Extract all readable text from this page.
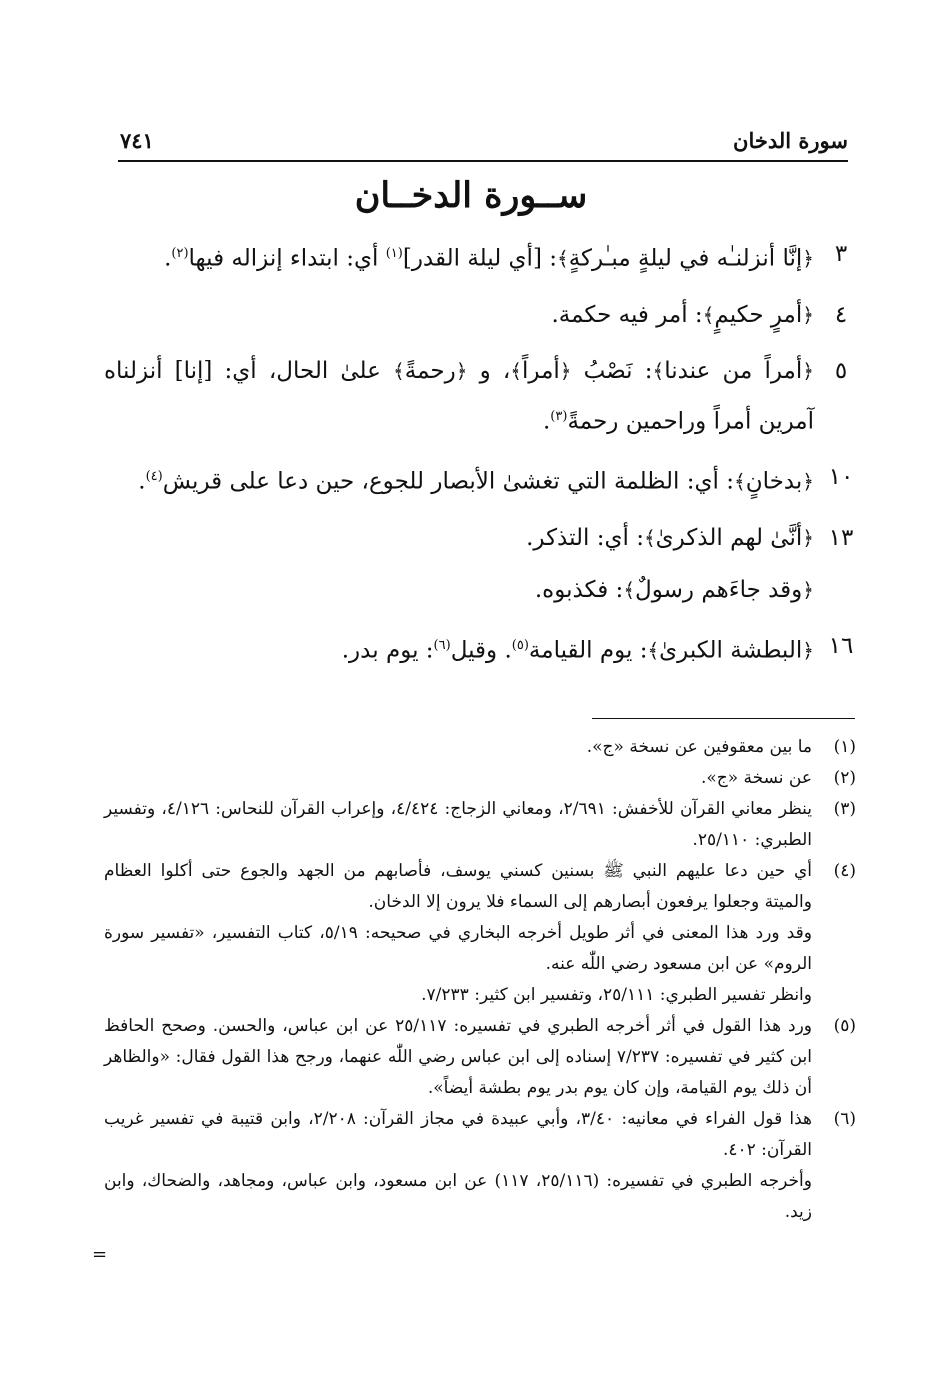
سورة الدخان
٧٤١
ســورة الدخــان
٣
﴿إنَّا أنزلنـٰه في ليلةٍ مبـٰركةٍ﴾: [أي ليلة القدر]$^{(١)}$ أي: ابتداء إنزاله فيها$^{(٢)}$.
٤
﴿أمرٍ حكيمٍ﴾: أمر فيه حكمة.
٥
﴿أمراً من عندنا﴾: نَصْبُ ﴿أمراً﴾، و ﴿رحمةً﴾ علىٰ الحال، أي: [إنا] أنزلناه آمرين أمراً وراحمين رحمةً$^{(٣)}$.
١٠
﴿بدخانٍ﴾: أي: الظلمة التي تغشىٰ الأبصار للجوع، حين دعا على قريش$^{(٤)}$.
١٣
﴿أنَّىٰ لهم الذكرىٰ﴾: أي: التذكر.
﴿وقد جاءَهم رسولٌ﴾: فكذبوه.
١٦
﴿البطشة الكبرىٰ﴾: يوم القيامة$^{(٥)}$. وقيل$^{(٦)}$: يوم بدر.
(١)
ما بين معقوفين عن نسخة «ج».
(٢)
عن نسخة «ج».
(٣)
ينظر معاني القرآن للأخفش: ٢/٦٩١، ومعاني الزجاج: ٤/٤٢٤، وإعراب القرآن للنحاس: ٤/١٢٦، وتفسير الطبري: ٢٥/١١٠.
(٤)
أي حين دعا عليهم النبي ﷺ بسنين كسني يوسف، فأصابهم من الجهد والجوع حتى أكلوا العظام والميتة وجعلوا يرفعون أبصارهم إلى السماء فلا يرون إلا الدخان.
وقد ورد هذا المعنى في أثر طويل أخرجه البخاري في صحيحه: ٥/١٩، كتاب التفسير، «تفسير سورة الروم» عن ابن مسعود رضي اللّٰه عنه.
وانظر تفسير الطبري: ٢٥/١١١، وتفسير ابن كثير: ٧/٢٣٣.
(٥)
ورد هذا القول في أثر أخرجه الطبري في تفسيره: ٢٥/١١٧ عن ابن عباس، والحسن. وصحح الحافظ ابن كثير في تفسيره: ٧/٢٣٧ إسناده إلى ابن عباس رضي اللّٰه عنهما، ورجح هذا القول فقال: «والظاهر أن ذلك يوم القيامة، وإن كان يوم بدر يوم بطشة أيضاً».
(٦)
هذا قول الفراء في معانيه: ٣/٤٠، وأبي عبيدة في مجاز القرآن: ٢/٢٠٨، وابن قتيبة في تفسير غريب القرآن: ٤٠٢.
وأخرجه الطبري في تفسيره: (٢٥/١١٦، ١١٧) عن ابن مسعود، وابن عباس، ومجاهد، والضحاك، وابن زيد.
=
